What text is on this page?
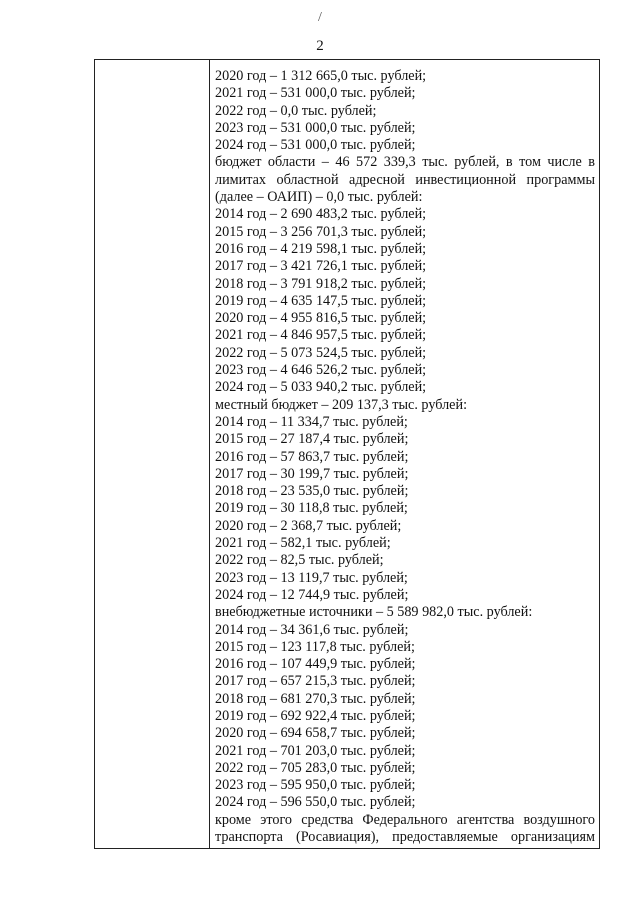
/
2
2020 год – 1 312 665,0 тыс. рублей;
2021 год – 531 000,0 тыс. рублей;
2022 год – 0,0 тыс. рублей;
2023 год – 531 000,0 тыс. рублей;
2024 год – 531 000,0 тыс. рублей;
бюджет области – 46 572 339,3 тыс. рублей, в том числе в
лимитах областной адресной инвестиционной программы
(далее – ОАИП) – 0,0 тыс. рублей:
2014 год – 2 690 483,2 тыс. рублей;
2015 год – 3 256 701,3 тыс. рублей;
2016 год – 4 219 598,1 тыс. рублей;
2017 год – 3 421 726,1 тыс. рублей;
2018 год – 3 791 918,2 тыс. рублей;
2019 год – 4 635 147,5 тыс. рублей;
2020 год – 4 955 816,5 тыс. рублей;
2021 год – 4 846 957,5 тыс. рублей;
2022 год – 5 073 524,5 тыс. рублей;
2023 год – 4 646 526,2 тыс. рублей;
2024 год – 5 033 940,2 тыс. рублей;
местный бюджет – 209 137,3 тыс. рублей:
2014 год – 11 334,7 тыс. рублей;
2015 год – 27 187,4 тыс. рублей;
2016 год – 57 863,7 тыс. рублей;
2017 год – 30 199,7 тыс. рублей;
2018 год – 23 535,0 тыс. рублей;
2019 год – 30 118,8 тыс. рублей;
2020 год – 2 368,7 тыс. рублей;
2021 год – 582,1 тыс. рублей;
2022 год – 82,5 тыс. рублей;
2023 год – 13 119,7 тыс. рублей;
2024 год – 12 744,9 тыс. рублей;
внебюджетные источники – 5 589 982,0 тыс. рублей:
2014 год – 34 361,6 тыс. рублей;
2015 год – 123 117,8 тыс. рублей;
2016 год – 107 449,9 тыс. рублей;
2017 год – 657 215,3 тыс. рублей;
2018 год – 681 270,3 тыс. рублей;
2019 год – 692 922,4 тыс. рублей;
2020 год – 694 658,7 тыс. рублей;
2021 год – 701 203,0 тыс. рублей;
2022 год – 705 283,0 тыс. рублей;
2023 год – 595 950,0 тыс. рублей;
2024 год – 596 550,0 тыс. рублей;
кроме этого средства Федерального агентства воздушного
транспорта (Росавиация), предоставляемые организациям
